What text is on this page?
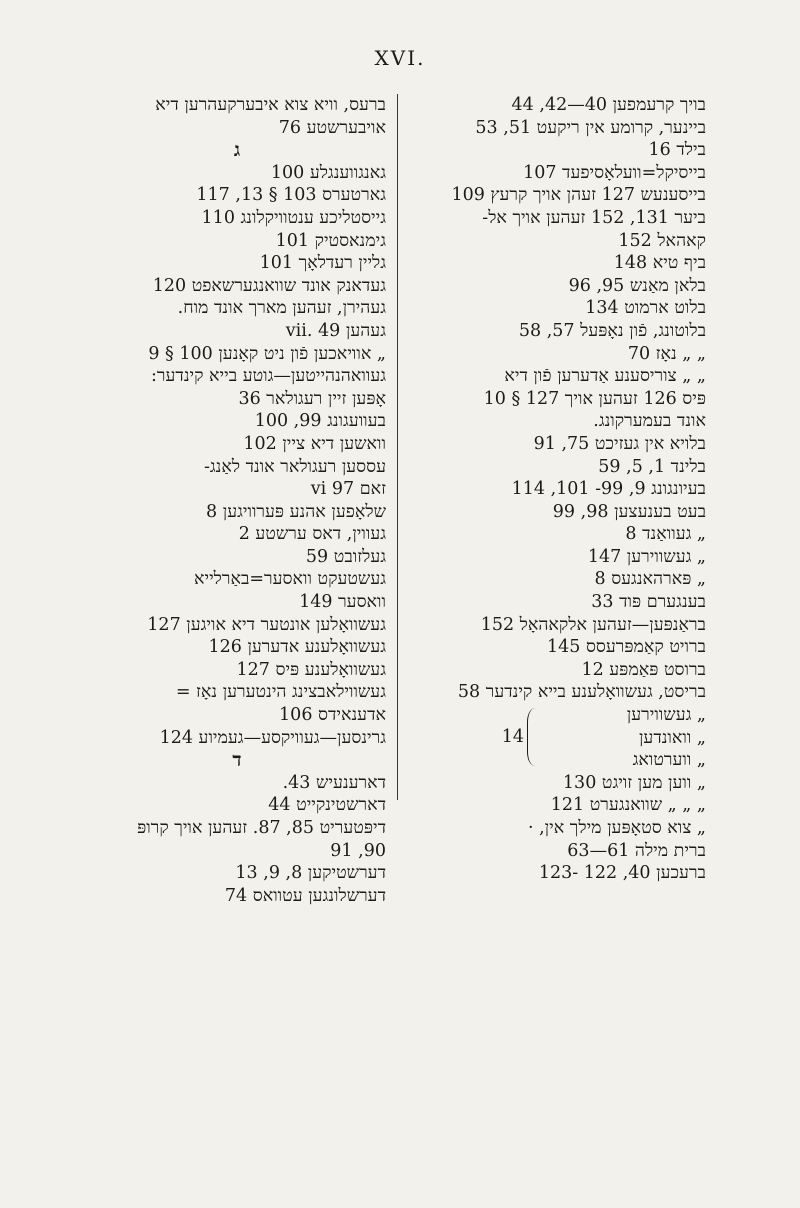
XVI.
בויך קרעמפען 40—42, 44
ביינער, קרומע אין ריקעט 51, 53
בילד 16
בייסיקל=וועלאָסיפעד 107
בייסענעש 127 זעהן אויך קרעץ 109
ביער 131, 152 זעהען אויך אל-
קאהאל 152
ביף טיא 148
בלאן מאַנש 95, 96
בלוט ארמוט 134
בלוטונג, פֿון נאָפּעל 57, 58
„ „ נאָז 70
„ „ צוריסענע אַדערען פֿון דיא
פּיס 126 זעהען אויך 127 § 10
אונד בעמערקונג.
בלויא אין געזיכט 75, 91
בלינד 1, 5, 59
בעיונגונג 9, 99- 101, 114
בעט בענעצען 98, 99
„ געוואַנד 8
„ געשווירען 147
„ פּארהאנגעס 8
בענגערם פּוד 33
בראַנפּען—זעהען אלקאהאָל 152
ברויט קאַמפּרעסס 145
ברוסט פּאַמפּע 12
בריסט, געשוואָלענע בייא קינדער 58
„ געשווירען
14	„ וואונדען
„ ווערטואג
„ ווען מען זויגט 130
„ „ „ שוואנגערט 121
„ צוא סטאָפּען מילך אין, ·
ברית מילה 61—63
ברעכען 40, 122 -123
ברעס, וויא צוא איבערקעהרען דיא
אויבערשטע 76
ג
גאנגווענגלע 100
גארטערס 103 § 13, 117
גייסטליכע ענטוויקלונג 110
גימנאסטיק 101
גליין רעדלאָך 101
געדאנק אונד שוואנגערשאפט 120
געהירן, זעהען מארך אונד מוח.
געהען 49 .vii
„ אוויאכען פֿון ניט קאָנען 100 § 9
געוואהנהייטען—גוטע בייא קינדער:
אָפּען זיין רעגולאר 36
בעוועגונג 99, 100
וואשען דיא ציין 102
עססען רעגולאר אונד לאַנג-
זאם 97 vi
שלאָפען אהנע פּערוויגען 8
געווין, דאס ערשטע 2
געלזובט 59
געשטעקט וואסער=באַרלייא
וואסער 149
געשוואָלען אונטער דיא אויגען 127
געשוואָלענע אדערען 126
געשוואָלענע פּיס 127
געשווילאבצינג הינטערען נאָז =
אדענאידס 106
גרינסען—געוויקסע—געמיוע 124
ד
דארענעיש 43.
דארשטינקייט 44
דיפּטעריט 85, 87. זעהען אויך קרופּ
90, 91
דערשטיקען 8, 9, 13
דערשלונגען עטוואס 74
